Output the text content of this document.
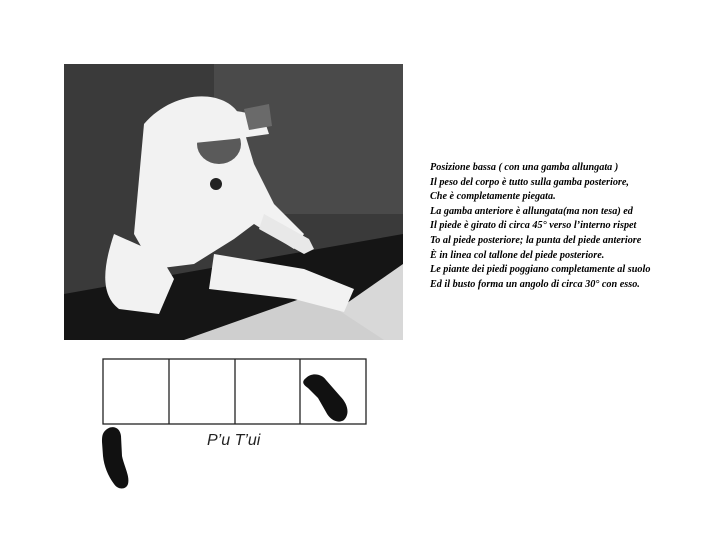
Posizione bassa ( con una gamba allungata )
Il peso del corpo è tutto sulla gamba posteriore,
Che è completamente piegata.
La gamba anteriore è allungata(ma non tesa) ed
Il piede è girato di circa 45° verso l’interno rispet
To al piede posteriore; la punta del piede anteriore
È in linea col tallone del piede posteriore.
Le piante dei piedi poggiano completamente al suolo
Ed il busto forma un angolo di circa 30° con esso.
P’u T’ui
